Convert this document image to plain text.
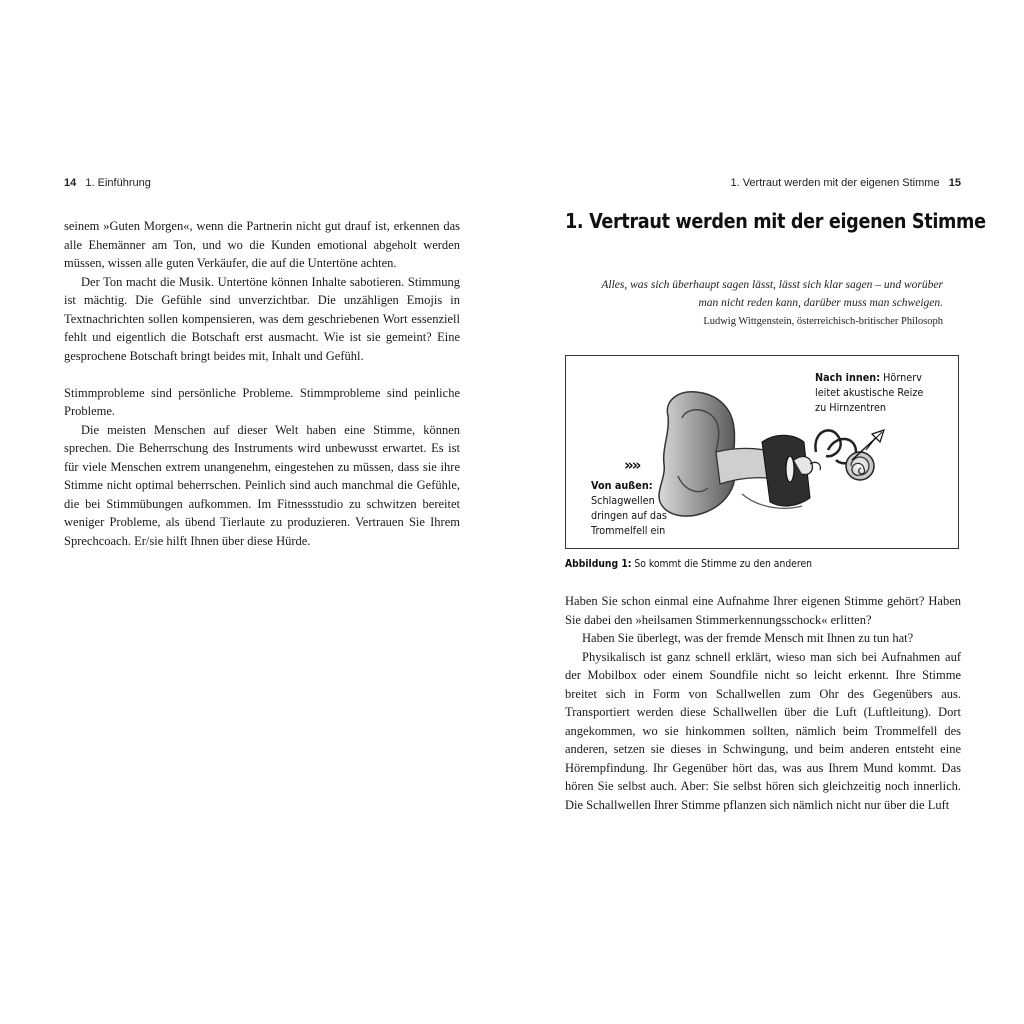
14 1. Einführung

seinem »Guten Morgen«, wenn die Partnerin nicht gut drauf ist, erkennen das alle Ehemänner am Ton, und wo die Kunden emotional abgeholt werden müssen, wissen alle guten Verkäufer, die auf die Untertöne achten.

Der Ton macht die Musik. Untertöne können Inhalte sabotieren. Stimmung ist mächtig. Die Gefühle sind unverzichtbar. Die unzähligen Emojis in Textnachrichten sollen kompensieren, was dem geschriebenen Wort essenziell fehlt und eigentlich die Botschaft erst ausmacht. Wie ist sie gemeint? Eine gesprochene Botschaft bringt beides mit, Inhalt und Gefühl.

Stimmprobleme sind persönliche Probleme. Stimmprobleme sind peinliche Probleme.

Die meisten Menschen auf dieser Welt haben eine Stimme, können sprechen. Die Beherrschung des Instruments wird unbewusst erwartet. Es ist für viele Menschen extrem unangenehm, eingestehen zu müssen, dass sie ihre Stimme nicht optimal beherrschen. Peinlich sind auch manchmal die Gefühle, die bei Stimmübungen aufkommen. Im Fitnessstudio zu schwitzen bereitet weniger Probleme, als übend Tierlaute zu produzieren. Vertrauen Sie Ihrem Sprechcoach. Er/sie hilft Ihnen über diese Hürde.

1. Vertraut werden mit der eigenen Stimme 15
1. Vertraut werden mit der eigenen Stimme
Alles, was sich überhaupt sagen lässt, lässt sich klar sagen – und worüber
man nicht reden kann, darüber muss man schweigen.
Ludwig Wittgenstein, österreichisch-britischer Philosoph
»»
Nach innen: Hörnerv
leitet akustische Reize
zu Hirnzentren
Von außen:
Schlagwellen
dringen auf das
Trommelfell ein
Abbildung 1: So kommt die Stimme zu den anderen

Haben Sie schon einmal eine Aufnahme Ihrer eigenen Stimme gehört? Haben Sie dabei den »heilsamen Stimmerkennungsschock« erlitten?

Haben Sie überlegt, was der fremde Mensch mit Ihnen zu tun hat?

Physikalisch ist ganz schnell erklärt, wieso man sich bei Aufnahmen auf der Mobilbox oder einem Soundfile nicht so leicht erkennt. Ihre Stimme breitet sich in Form von Schallwellen zum Ohr des Gegenübers aus. Transportiert werden diese Schallwellen über die Luft (Luftleitung). Dort angekommen, wo sie hinkommen sollten, nämlich beim Trommelfell des anderen, setzen sie dieses in Schwingung, und beim anderen entsteht eine Hörempfindung. Ihr Gegenüber hört das, was aus Ihrem Mund kommt. Das hören Sie selbst auch. Aber: Sie selbst hören sich gleichzeitig noch innerlich. Die Schallwellen Ihrer Stimme pflanzen sich nämlich nicht nur über die Luft
